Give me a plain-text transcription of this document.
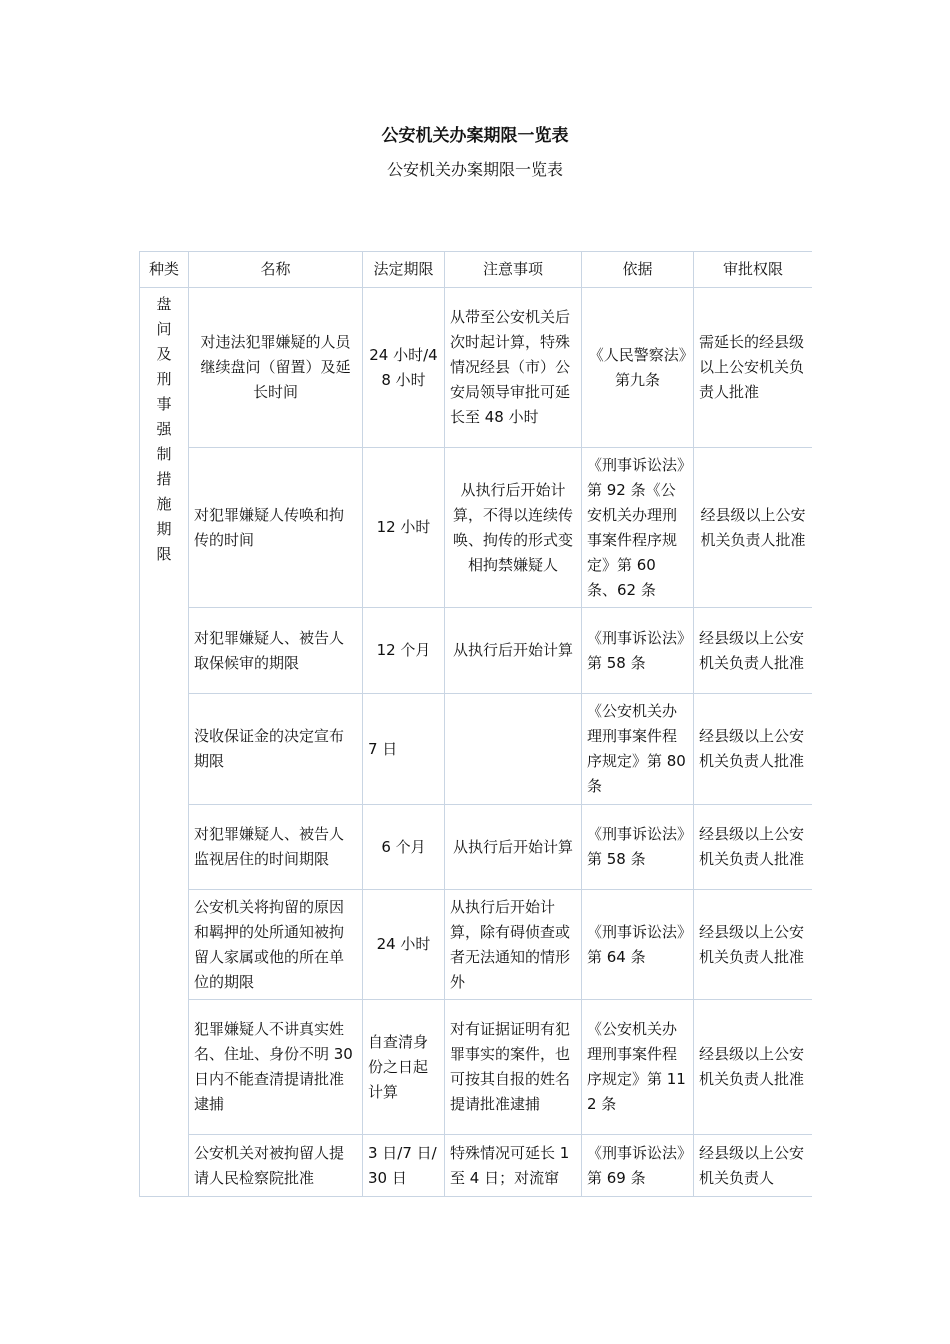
公安机关办案期限一览表
公安机关办案期限一览表
种类	名称	法定期限	注意事项	依据	审批权限

盘问及刑事强制措施期限	对违法犯罪嫌疑的人员继续盘问（留置）及延长时间	24 小时/48 小时	从带至公安机关后次时起计算，特殊情况经县（市）公安局领导审批可延长至 48 小时	《人民警察法》第九条	需延长的经县级以上公安机关负责人批准
	对犯罪嫌疑人传唤和拘传的时间	12 小时	从执行后开始计算，不得以连续传唤、拘传的形式变相拘禁嫌疑人	《刑事诉讼法》第 92 条《公安机关办理刑事案件程序规定》第 60 条、62 条	经县级以上公安机关负责人批准
	对犯罪嫌疑人、被告人取保候审的期限	12 个月	从执行后开始计算	《刑事诉讼法》第 58 条	经县级以上公安机关负责人批准
	没收保证金的决定宣布期限	7 日		《公安机关办理刑事案件程序规定》第 80 条	经县级以上公安机关负责人批准
	对犯罪嫌疑人、被告人监视居住的时间期限	6 个月	从执行后开始计算	《刑事诉讼法》第 58 条	经县级以上公安机关负责人批准
	公安机关将拘留的原因和羁押的处所通知被拘留人家属或他的所在单位的期限	24 小时	从执行后开始计算，除有碍侦查或者无法通知的情形外	《刑事诉讼法》第 64 条	经县级以上公安机关负责人批准
	犯罪嫌疑人不讲真实姓名、住址、身份不明 30 日内不能查清提请批准逮捕	自查清身份之日起计算	对有证据证明有犯罪事实的案件，也可按其自报的姓名提请批准逮捕	《公安机关办理刑事案件程序规定》第 112 条	经县级以上公安机关负责人批准
	公安机关对被拘留人提请人民检察院批准	3 日/7 日/30 日	特殊情况可延长 1 至 4 日；对流窜	《刑事诉讼法》第 69 条	经县级以上公安机关负责人
